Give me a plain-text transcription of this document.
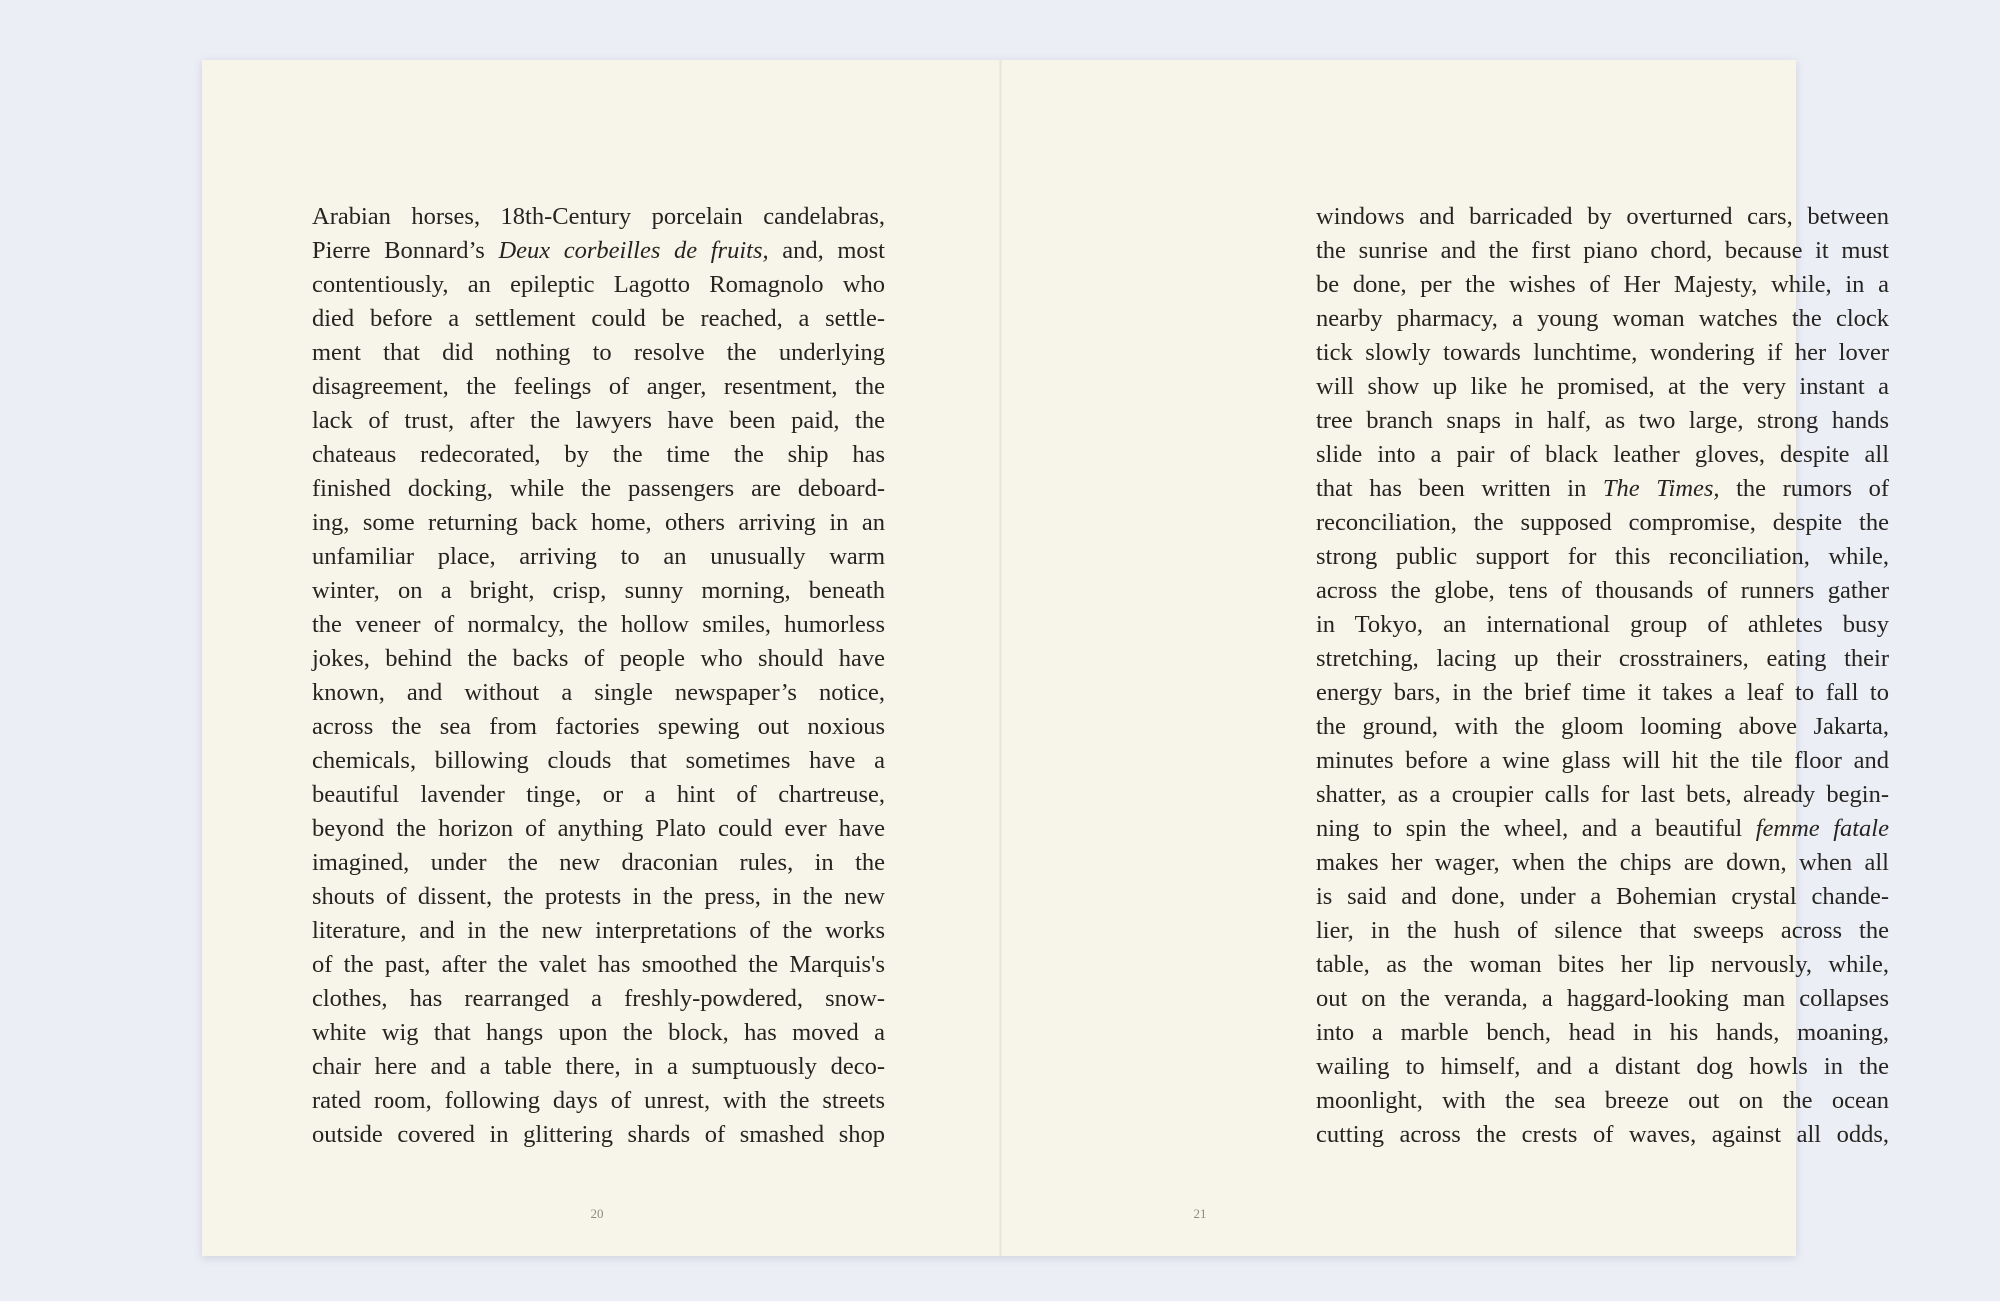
Arabian horses, 18th-Century porcelain candelabras,
Pierre Bonnard’s Deux corbeilles de fruits, and, most
contentiously, an epileptic Lagotto Romagnolo who
died before a settlement could be reached, a settle-
ment that did nothing to resolve the underlying
disagreement, the feelings of anger, resentment, the
lack of trust, after the lawyers have been paid, the
chateaus redecorated, by the time the ship has
finished docking, while the passengers are deboard-
ing, some returning back home, others arriving in an
unfamiliar place, arriving to an unusually warm
winter, on a bright, crisp, sunny morning, beneath
the veneer of normalcy, the hollow smiles, humorless
jokes, behind the backs of people who should have
known, and without a single newspaper’s notice,
across the sea from factories spewing out noxious
chemicals, billowing clouds that sometimes have a
beautiful lavender tinge, or a hint of chartreuse,
beyond the horizon of anything Plato could ever have
imagined, under the new draconian rules, in the
shouts of dissent, the protests in the press, in the new
literature, and in the new interpretations of the works
of the past, after the valet has smoothed the Marquis's
clothes, has rearranged a freshly-powdered, snow-
white wig that hangs upon the block, has moved a
chair here and a table there, in a sumptuously deco-
rated room, following days of unrest, with the streets
outside covered in glittering shards of smashed shop
20
windows and barricaded by overturned cars, between
the sunrise and the first piano chord, because it must
be done, per the wishes of Her Majesty, while, in a
nearby pharmacy, a young woman watches the clock
tick slowly towards lunchtime, wondering if her lover
will show up like he promised, at the very instant a
tree branch snaps in half, as two large, strong hands
slide into a pair of black leather gloves, despite all
that has been written in The Times, the rumors of
reconciliation, the supposed compromise, despite the
strong public support for this reconciliation, while,
across the globe, tens of thousands of runners gather
in Tokyo, an international group of athletes busy
stretching, lacing up their crosstrainers, eating their
energy bars, in the brief time it takes a leaf to fall to
the ground, with the gloom looming above Jakarta,
minutes before a wine glass will hit the tile floor and
shatter, as a croupier calls for last bets, already begin-
ning to spin the wheel, and a beautiful femme fatale
makes her wager, when the chips are down, when all
is said and done, under a Bohemian crystal chande-
lier, in the hush of silence that sweeps across the
table, as the woman bites her lip nervously, while,
out on the veranda, a haggard-looking man collapses
into a marble bench, head in his hands, moaning,
wailing to himself, and a distant dog howls in the
moonlight, with the sea breeze out on the ocean
cutting across the crests of waves, against all odds,
21
